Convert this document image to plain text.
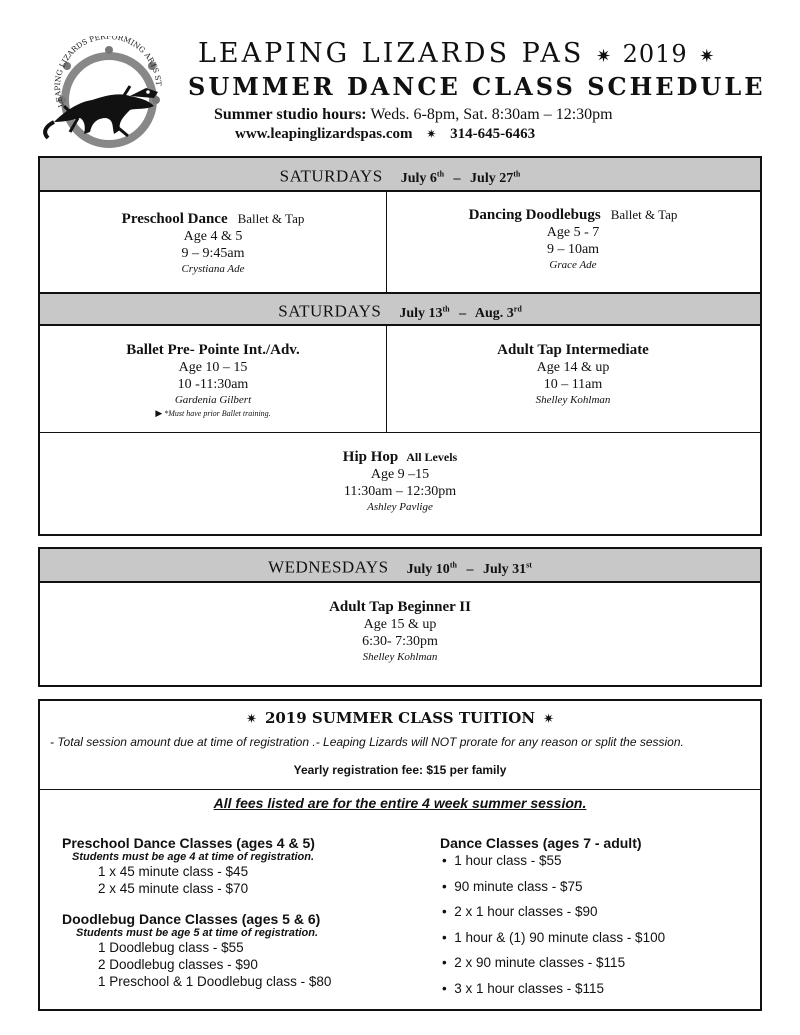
LEAPING LIZARDS PERFORMING ARTS ST
LEAPING LIZARDS PAS ✷ 2019 ✷
SUMMER DANCE CLASS SCHEDULE
Summer studio hours: Weds. 6-8pm, Sat. 8:30am – 12:30pm
www.leapinglizardspas.com ✷ 314-645-6463
SATURDAYS July 6th – July 27th
Preschool Dance Ballet & Tap
Age 4 & 5
9 – 9:45am
Crystiana Ade
Dancing Doodlebugs Ballet & Tap
Age 5 - 7
9 – 10am
Grace Ade
SATURDAYS July 13th – Aug. 3rd
Ballet Pre- Pointe Int./Adv.
Age 10 – 15
10 -11:30am
Gardenia Gilbert
▶ *Must have prior Ballet training.
Adult Tap Intermediate
Age 14 & up
10 – 11am
Shelley Kohlman
Hip Hop All Levels
Age 9 –15
11:30am – 12:30pm
Ashley Pavlige
WEDNESDAYS July 10th – July 31st
Adult Tap Beginner II
Age 15 & up
6:30- 7:30pm
Shelley Kohlman
✷ 2019 SUMMER CLASS TUITION ✷
- Total session amount due at time of registration .- Leaping Lizards will NOT prorate for any reason or split the session.
Yearly registration fee: $15 per family
All fees listed are for the entire 4 week summer session.
Preschool Dance Classes (ages 4 & 5)
Students must be age 4 at time of registration.
1 x 45 minute class - $45
2 x 45 minute class - $70
Doodlebug Dance Classes (ages 5 & 6)
Students must be age 5 at time of registration.
1 Doodlebug class - $55
2 Doodlebug classes - $90
1 Preschool & 1 Doodlebug class - $80
Dance Classes (ages 7 - adult)
•  1 hour class - $55
•  90 minute class - $75
•  2 x 1 hour classes - $90
•  1 hour & (1) 90 minute class - $100
•  2 x 90 minute classes - $115
•  3 x 1 hour classes - $115
